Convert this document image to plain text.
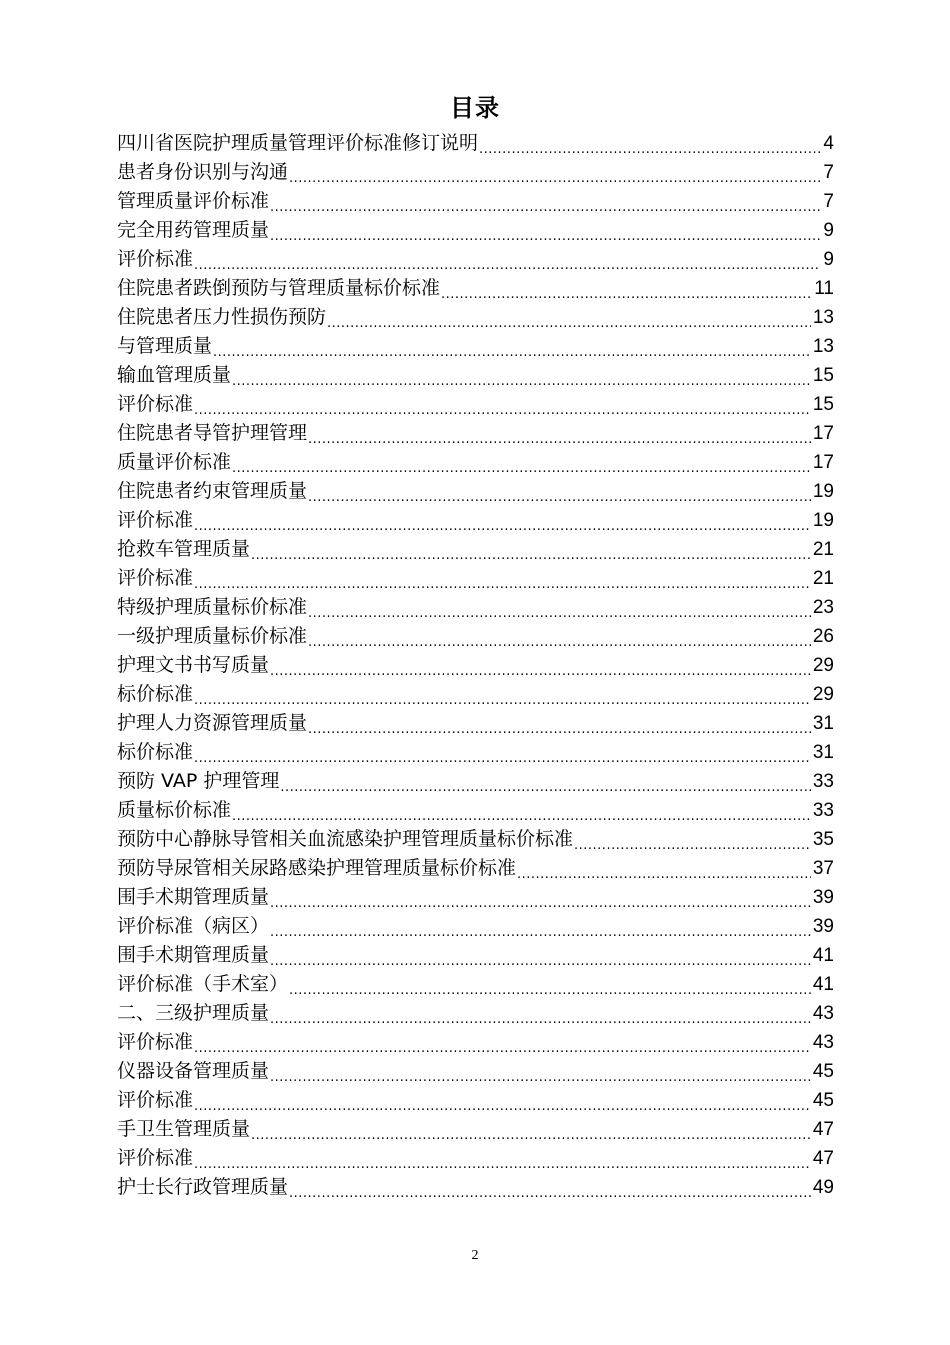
目录
四川省医院护理质量管理评价标准修订说明 .....	4
患者身份识别与沟通 .....	7
管理质量评价标准 .....	7
完全用药管理质量 .....	9
评价标准 .....	9
住院患者跌倒预防与管理质量标价标准 .....	11
住院患者压力性损伤预防 .....	13
与管理质量 .....	13
输血管理质量 .....	15
评价标准 .....	15
住院患者导管护理管理 .....	17
质量评价标准 .....	17
住院患者约束管理质量 .....	19
评价标准 .....	19
抢救车管理质量 .....	21
评价标准 .....	21
特级护理质量标价标准 .....	23
一级护理质量标价标准 .....	26
护理文书书写质量 .....	29
标价标准 .....	29
护理人力资源管理质量 .....	31
标价标准 .....	31
预防 VAP 护理管理 .....	33
质量标价标准 .....	33
预防中心静脉导管相关血流感染护理管理质量标价标准 .....	35
预防导尿管相关尿路感染护理管理质量标价标准 .....	37
围手术期管理质量 .....	39
评价标准（病区） .....	39
围手术期管理质量 .....	41
评价标准（手术室） .....	41
二、三级护理质量 .....	43
评价标准 .....	43
仪器设备管理质量 .....	45
评价标准 .....	45
手卫生管理质量 .....	47
评价标准 .....	47
护士长行政管理质量 .....	49
2
